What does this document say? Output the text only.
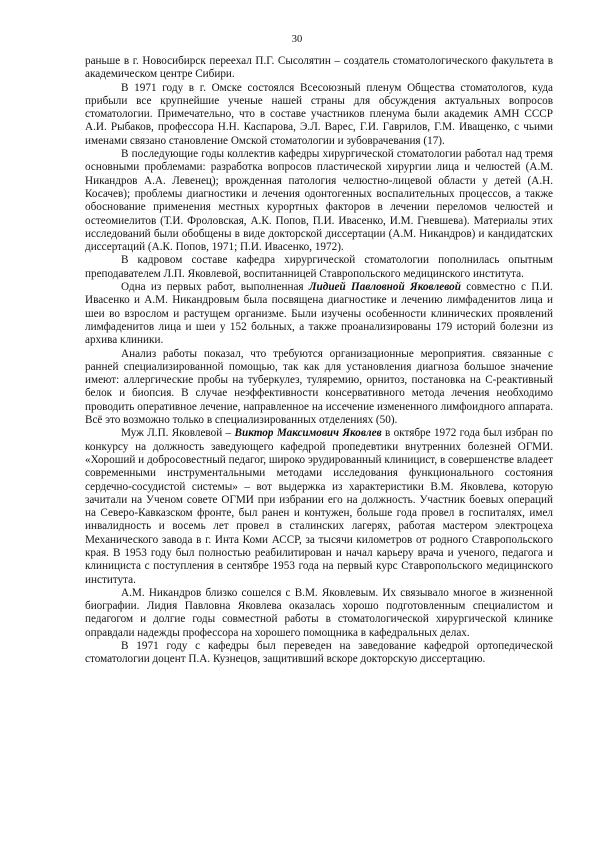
30

раньше в г. Новосибирск переехал П.Г. Сысолятин – создатель стоматологического факультета в академическом центре Сибири.

В 1971 году в г. Омске состоялся Всесоюзный пленум Общества стоматологов, куда прибыли все крупнейшие ученые нашей страны для обсуждения актуальных вопросов стоматологии. Примечательно, что в составе участников пленума были академик АМН СССР А.И. Рыбаков, профессора Н.Н. Каспарова, Э.Л. Варес, Г.И. Гаврилов, Г.М. Иващенко, с чьими именами связано становление Омской стоматологии и зубоврачевания (17).

В последующие годы коллектив кафедры хирургической стоматологии работал над тремя основными проблемами: разработка вопросов пластической хирургии лица и челюстей (А.М. Никандров А.А. Левенец); врожденная патология челюстно-лицевой области у детей (А.Н. Косачев); проблемы диагностики и лечения одонтогенных воспалительных процессов, а также обоснование применения местных курортных факторов в лечении переломов челюстей и остеомиелитов (Т.И. Фроловская, А.К. Попов, П.И. Ивасенко, И.М. Гневшева). Материалы этих исследований были обобщены в виде докторской диссертации (А.М. Никандров) и кандидатских диссертаций (А.К. Попов, 1971; П.И. Ивасенко, 1972).

В кадровом составе кафедра хирургической стоматологии пополнилась опытным преподавателем Л.П. Яковлевой, воспитанницей Ставропольского медицинского института.

Одна из первых работ, выполненная Лидией Павловной Яковлевой совместно с П.И. Ивасенко и А.М. Никандровым была посвящена диагностике и лечению лимфаденитов лица и шеи во взрослом и растущем организме. Были изучены особенности клинических проявлений лимфаденитов лица и шеи у 152 больных, а также проанализированы 179 историй болезни из архива клиники.

Анализ работы показал, что требуются организационные мероприятия. связанные с ранней специализированной помощью, так как для установления диагноза большое значение имеют: аллергические пробы на туберкулез, туляремию, орнитоз, постановка на С-реактивный белок и биопсия. В случае неэффективности консервативного метода лечения необходимо проводить оперативное лечение, направленное на иссечение измененного лимфоидного аппарата. Всё это возможно только в специализированных отделениях (50).

Муж Л.П. Яковлевой – Виктор Максимович Яковлев в октябре 1972 года был избран по конкурсу на должность заведующего кафедрой пропедевтики внутренних болезней ОГМИ. «Хороший и добросовестный педагог, широко эрудированный клиницист, в совершенстве владеет современными инструментальными методами исследования функционального состояния сердечно-сосудистой системы» – вот выдержка из характеристики В.М. Яковлева, которую зачитали на Ученом совете ОГМИ при избрании его на должность. Участник боевых операций на Северо-Кавказском фронте, был ранен и контужен, больше года провел в госпиталях, имел инвалидность и восемь лет провел в сталинских лагерях, работая мастером электроцеха Механического завода в г. Инта Коми АССР, за тысячи километров от родного Ставропольского края. В 1953 году был полностью реабилитирован и начал карьеру врача и ученого, педагога и клинициста с поступления в сентябре 1953 года на первый курс Ставропольского медицинского института.

А.М. Никандров близко сошелся с В.М. Яковлевым. Их связывало многое в жизненной биографии. Лидия Павловна Яковлева оказалась хорошо подготовленным специалистом и педагогом и долгие годы совместной работы в стоматологической хирургической клинике оправдали надежды профессора на хорошего помощника в кафедральных делах.

В 1971 году с кафедры был переведен на заведование кафедрой ортопедической стоматологии доцент П.А. Кузнецов, защитивший вскоре докторскую диссертацию.
